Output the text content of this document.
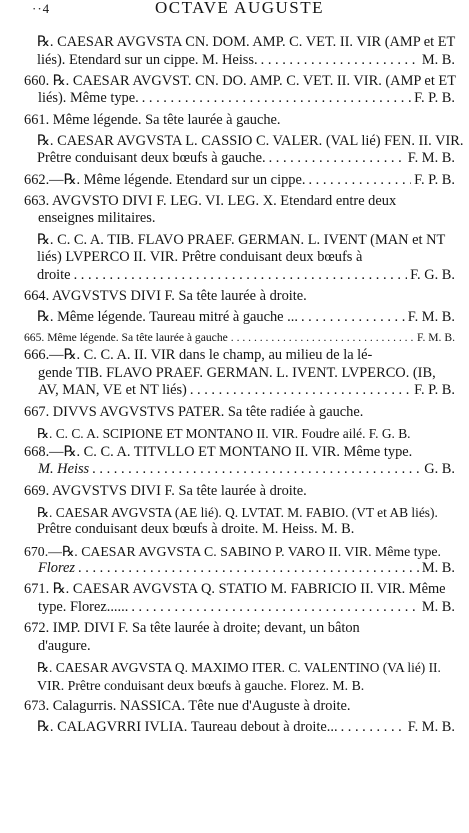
··4	OCTAVE AUGUSTE
℞. CAESAR AVGVSTA CN. DOM. AMP. C. VET. II. VIR (AMP et ET
liés). Etendard sur un cippe. M. Heiss. . . .	M. B.
660. ℞. CAESAR AVGVST. CN. DO. AMP. C. VET. II. VIR. (AMP et ET
liés). Même type. . . .	F. P. B.
661. Même légende. Sa tête laurée à gauche.
℞. CAESAR AVGVSTA L. CASSIO C. VALER. (VAL lié) FEN. II. VIR.
Prêtre conduisant deux bœufs à gauche. . . .	F. M. B.
662.—℞. Même légende. Etendard sur un cippe. . . .	F. P. B.
663. AVGVSTO DIVI F. LEG. VI. LEG. X. Etendard entre deux
enseignes militaires.
℞. C. C. A. TIB. FLAVO PRAEF. GERMAN. L. IVENT (MAN et NT
liés) LVPERCO II. VIR. Prêtre conduisant deux bœufs à
droite . . .	F. G. B.
664. AVGVSTVS DIVI F. Sa tête laurée à droite.
℞. Même légende. Taureau mitré à gauche ... . . .	F. M. B.
665. Même légende. Sa tête laurée à gauche . . .	F. M. B.
666.—℞. C. C. A. II. VIR dans le champ, au milieu de la lé-
gende TIB. FLAVO PRAEF. GERMAN. L. IVENT. LVPERCO. (IB,
AV, MAN, VE et NT liés) . . .	F. P. B.
667. DIVVS AVGVSTVS PATER. Sa tête radiée à gauche.
℞. C. C. A. SCIPIONE ET MONTANO II. VIR. Foudre ailé. F. G. B.
668.—℞. C. C. A. TITVLLO ET MONTANO II. VIR. Même type.
M. Heiss . . .	G. B.
669. AVGVSTVS DIVI F. Sa tête laurée à droite.
℞. CAESAR AVGVSTA (AE lié). Q. LVTAT. M. FABIO. (VT et AB liés).
Prêtre conduisant deux bœufs à droite. M. Heiss. M. B.
670.—℞. CAESAR AVGVSTA C. SABINO P. VARO II. VIR. Même type.
Florez . . .	M. B.
671. ℞. CAESAR AVGVSTA Q. STATIO M. FABRICIO II. VIR. Même
type. Florez...... . . .	M. B.
672. IMP. DIVI F. Sa tête laurée à droite; devant, un bâton
d'augure.
℞. CAESAR AVGVSTA Q. MAXIMO ITER. C. VALENTINO (VA lié) II.
VIR. Prêtre conduisant deux bœufs à gauche. Florez. M. B.
673. Calagurris. NASSICA. Tête nue d'Auguste à droite.
℞. CALAGVRRI IVLIA. Taureau debout à droite... . . .	F. M. B.
